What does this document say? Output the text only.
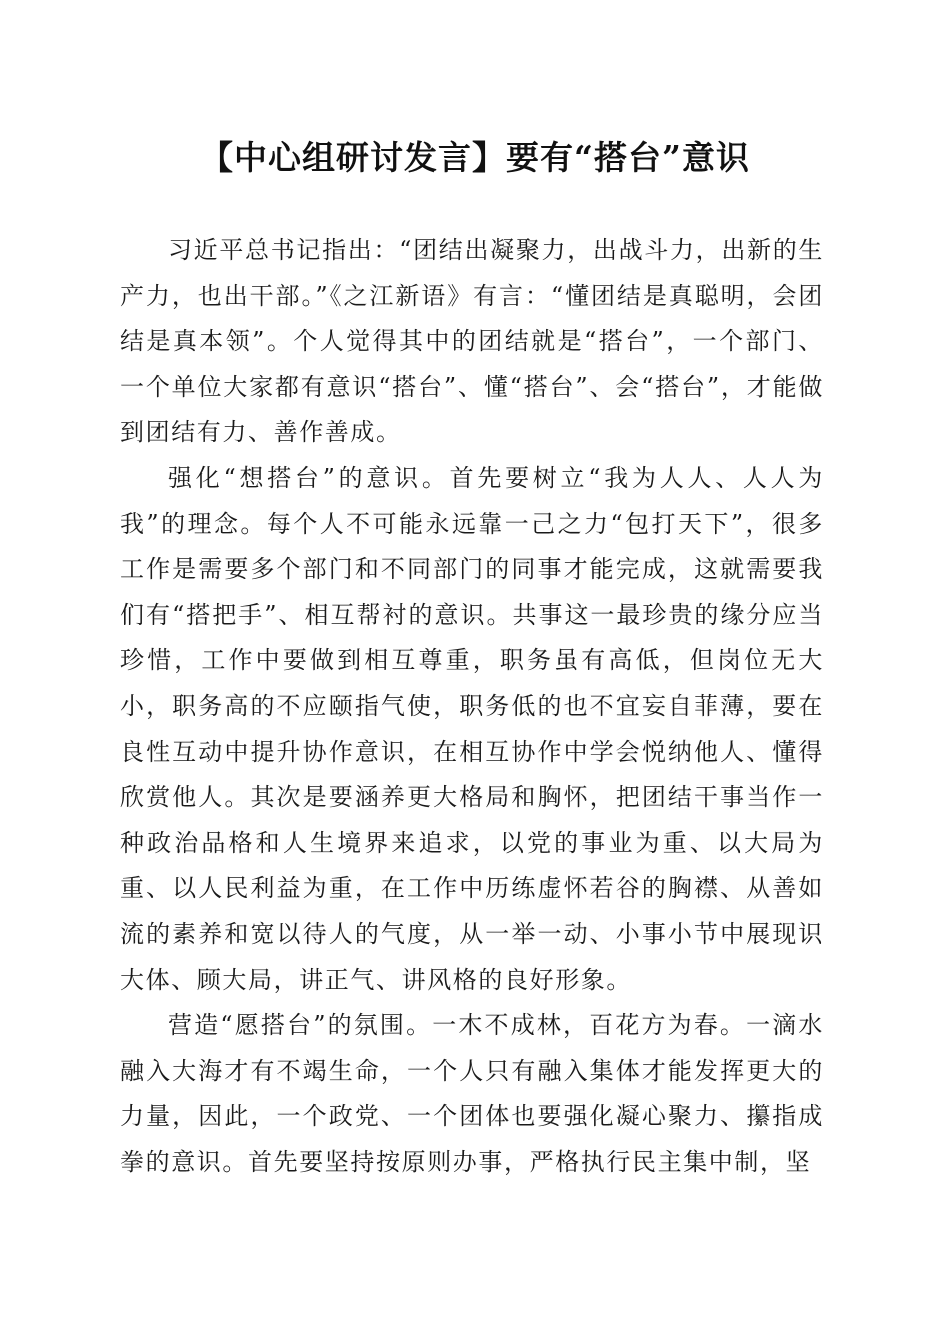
【中心组研讨发言】要有“搭台”意识

习近平总书记指出：“团结出凝聚力，出战斗力，出新的生产力，也出干部。”《之江新语》有言：“懂团结是真聪明，会团结是真本领”。个人觉得其中的团结就是“搭台”，一个部门、一个单位大家都有意识“搭台”、懂“搭台”、会“搭台”，才能做到团结有力、善作善成。

强化“想搭台”的意识。首先要树立“我为人人、人人为我”的理念。每个人不可能永远靠一己之力“包打天下”，很多工作是需要多个部门和不同部门的同事才能完成，这就需要我们有“搭把手”、相互帮衬的意识。共事这一最珍贵的缘分应当珍惜，工作中要做到相互尊重，职务虽有高低，但岗位无大小，职务高的不应颐指气使，职务低的也不宜妄自菲薄，要在良性互动中提升协作意识，在相互协作中学会悦纳他人、懂得欣赏他人。其次是要涵养更大格局和胸怀，把团结干事当作一种政治品格和人生境界来追求，以党的事业为重、以大局为重、以人民利益为重，在工作中历练虚怀若谷的胸襟、从善如流的素养和宽以待人的气度，从一举一动、小事小节中展现识大体、顾大局，讲正气、讲风格的良好形象。

营造“愿搭台”的氛围。一木不成林，百花方为春。一滴水融入大海才有不竭生命，一个人只有融入集体才能发挥更大的力量，因此，一个政党、一个团体也要强化凝心聚力、攥指成拳的意识。首先要坚持按原则办事，严格执行民主集中制，坚
